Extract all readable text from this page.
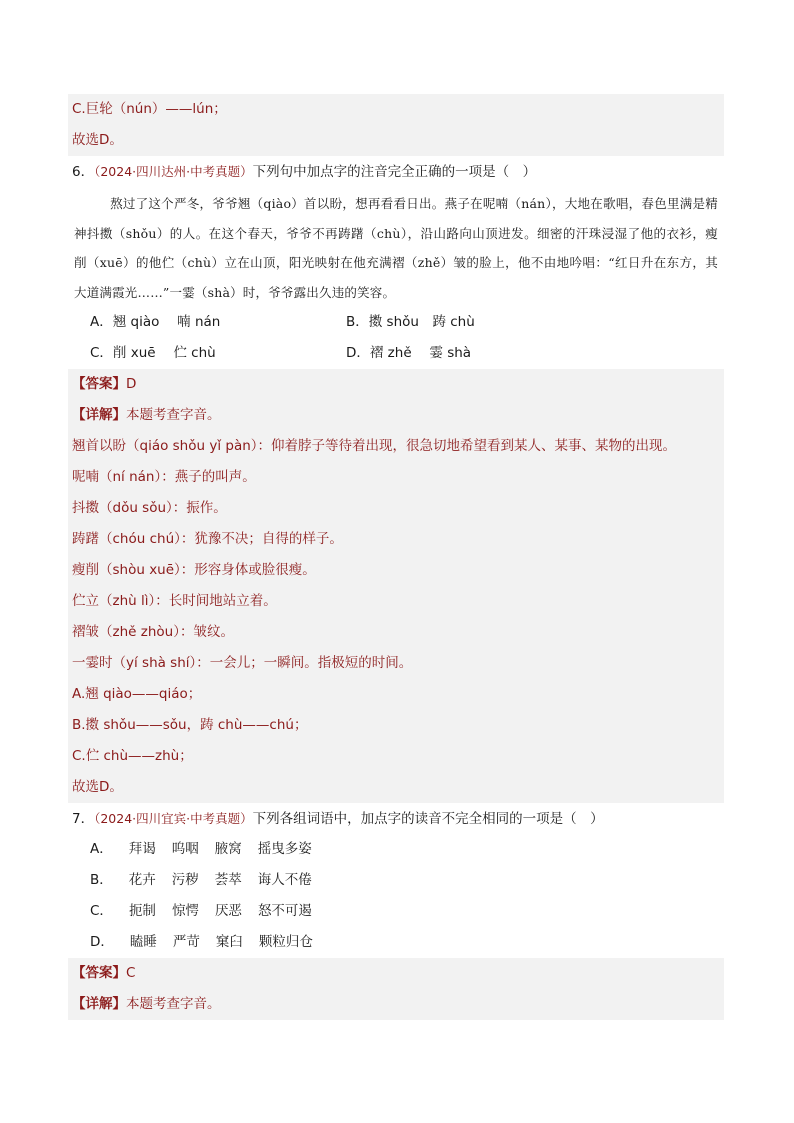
C.巨轮（nún）——lún；
故选D。
6．（2024·四川达州·中考真题）下列句中加点字的注音完全正确的一项是（　）
熬过了这个严冬，爷爷翘（qiào）首以盼，想再看看日出。燕子在呢喃（nán），大地在歌唱，春色里满是精神抖擞（shǒu）的人。在这个春天，爷爷不再踌躇（chù），沿山路向山顶进发。细密的汗珠浸湿了他的衣衫，瘦削（xuē）的他伫（chù）立在山顶，阳光映射在他充满褶（zhě）皱的脸上，他不由地吟唱：“红日升在东方，其大道满霞光……”一霎（shà）时，爷爷露出久违的笑容。
A．翘 qiào　 喃 nán	B．擞 shǒu　踌 chù
C．削 xuē　 伫 chù	D．褶 zhě　 霎 shà
【答案】D
【详解】本题考查字音。
翘首以盼（qiáo shǒu yǐ pàn）：仰着脖子等待着出现，很急切地希望看到某人、某事、某物的出现。
呢喃（ní nán）：燕子的叫声。
抖擞（dǒu sǒu）：振作。
踌躇（chóu chú）：犹豫不决；自得的样子。
瘦削（shòu xuē）：形容身体或脸很瘦。
伫立（zhù lì）：长时间地站立着。
褶皱（zhě zhòu）：皱纹。
一霎时（yí shà shí）：一会儿；一瞬间。指极短的时间。
A.翘 qiào——qiáo；
B.擞 shǒu——sǒu，踌 chù——chú；
C.伫 chù——zhù；
故选D。
7．（2024·四川宜宾·中考真题）下列各组词语中，加点字的读音不完全相同的一项是（　）
A． 拜谒 呜咽 腋窝 摇曳多姿
B． 花卉 污秽 荟萃 诲人不倦
C． 扼制 惊愕 厌恶 怒不可遏
D． 瞌睡 严苛 窠臼 颗粒归仓
【答案】C
【详解】本题考查字音。
